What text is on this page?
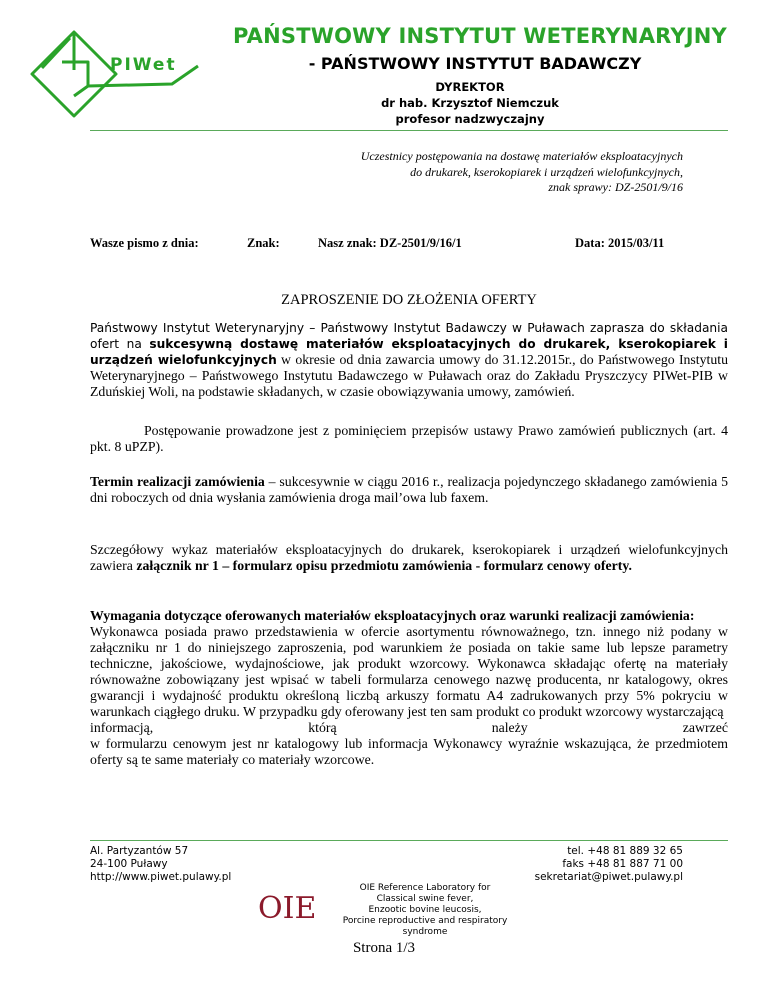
PIWet
PAŃSTWOWY INSTYTUT WETERYNARYJNY
- PAŃSTWOWY INSTYTUT BADAWCZY
DYREKTOR
dr hab. Krzysztof Niemczuk
profesor nadzwyczajny
Uczestnicy postępowania na dostawę materiałów eksploatacyjnych
do drukarek, kserokopiarek i urządzeń wielofunkcyjnych,
znak sprawy: DZ-2501/9/16
Wasze pismo z dnia:	Znak:	Nasz znak: DZ-2501/9/16/1	Data: 2015/03/11
ZAPROSZENIE DO ZŁOŻENIA OFERTY
Państwowy Instytut Weterynaryjny – Państwowy Instytut Badawczy w Puławach zaprasza do składania ofert na sukcesywną dostawę materiałów eksploatacyjnych do drukarek, kserokopiarek i urządzeń wielofunkcyjnych w okresie od dnia zawarcia umowy do 31.12.2015r., do Państwowego Instytutu Weterynaryjnego – Państwowego Instytutu Badawczego w Puławach oraz do Zakładu Pryszczycy PIWet-PIB w Zduńskiej Woli, na podstawie składanych, w czasie obowiązywania umowy, zamówień.
Postępowanie prowadzone jest z pominięciem przepisów ustawy Prawo zamówień publicznych (art. 4 pkt. 8 uPZP).
Termin realizacji zamówienia – sukcesywnie w ciągu 2016 r., realizacja pojedynczego składanego zamówienia 5 dni roboczych od dnia wysłania zamówienia droga mail’owa lub faxem.
Szczegółowy wykaz materiałów eksploatacyjnych do drukarek, kserokopiarek i urządzeń wielofunkcyjnych zawiera załącznik nr 1 – formularz opisu przedmiotu zamówienia - formularz cenowy oferty.
Wymagania dotyczące oferowanych materiałów eksploatacyjnych oraz warunki realizacji zamówienia:
Wykonawca posiada prawo przedstawienia w ofercie asortymentu równoważnego, tzn. innego niż podany w załączniku nr 1 do niniejszego zaproszenia, pod warunkiem że posiada on takie same lub lepsze parametry techniczne, jakościowe, wydajnościowe, jak produkt wzorcowy. Wykonawca składając ofertę na materiały równoważne zobowiązany jest wpisać w tabeli formularza cenowego nazwę producenta, nr katalogowy, okres gwarancji i wydajność produktu określoną liczbą arkuszy formatu A4 zadrukowanych przy 5% pokryciu w warunkach ciągłego druku. W przypadku gdy oferowany jest ten sam produkt co produkt wzorcowy wystarczającą
informacją,	którą	należy	zawrzeć
w formularzu cenowym jest nr katalogowy lub informacja Wykonawcy wyraźnie wskazująca, że przedmiotem oferty są te same materiały co materiały wzorcowe.
Al. Partyzantów 57
24-100 Puławy
http://www.piwet.pulawy.pl
tel. +48 81 889 32 65
faks +48 81 887 71 00
sekretariat@piwet.pulawy.pl
OIE
OIE Reference Laboratory for
Classical swine fever,
Enzootic bovine leucosis,
Porcine reproductive and respiratory syndrome
Strona 1/3
